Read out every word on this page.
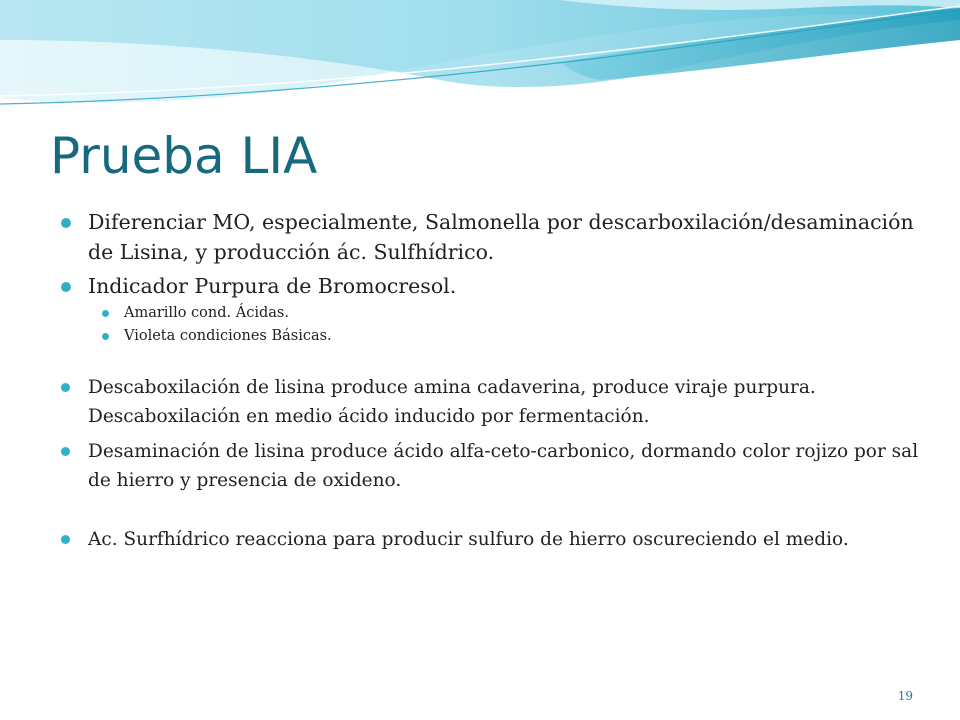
Prueba LIA
Diferenciar MO, especialmente, Salmonella por descarboxilación/desaminación de Lisina, y producción ác. Sulfhídrico.
Indicador Purpura de Bromocresol.
Amarillo cond. Ácidas.
Violeta condiciones Básicas.
Descaboxilación de lisina produce amina cadaverina, produce viraje purpura. Descaboxilación en medio ácido inducido por fermentación.
Desaminación de lisina produce ácido alfa-ceto-carbonico, dormando color rojizo por sal de hierro y presencia de oxideno.
Ac. Surfhídrico reacciona para producir sulfuro de hierro oscureciendo el medio.
19
